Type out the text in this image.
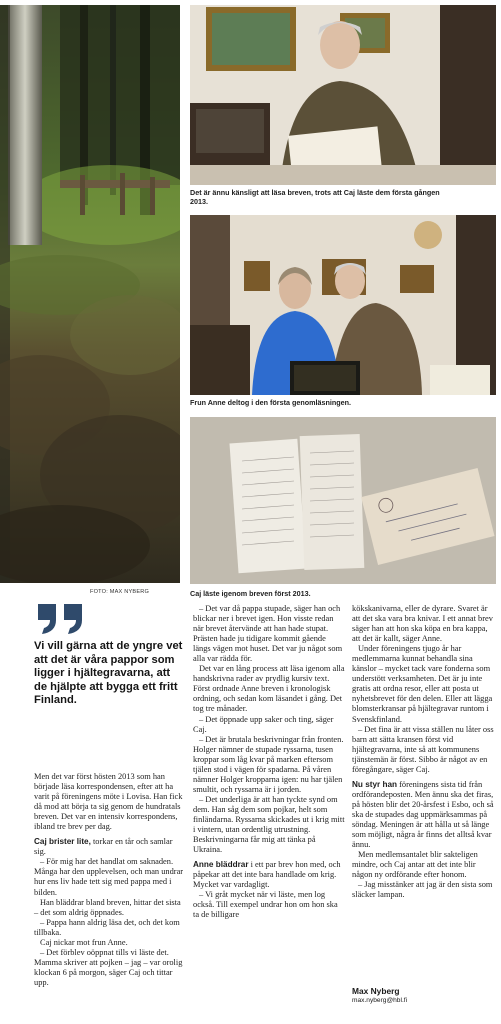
FOTO: MAX NYBERG
Det är ännu känsligt att läsa breven, trots att Caj läste dem första gången
2013.
Frun Anne deltog i den första genomläsningen.
Caj läste igenom breven först 2013.
Vi vill gärna att de yngre vet att det är våra pappor som ligger i hjältegravarna, att de hjälpte att bygga ett fritt Finland.

Men det var först hösten 2013 som han började läsa korrespondensen, efter att ha varit på föreningens möte i Lovisa. Han fick då mod att börja ta sig genom de hundratals breven. Det var en intensiv korrespondens, ibland tre brev per dag.

Caj brister lite, torkar en tår och samlar sig.

– För mig har det handlat om saknaden. Många har den upplevelsen, och man undrar hur ens liv hade tett sig med pappa med i bilden.

Han bläddrar bland breven, hittar det sista – det som aldrig öppnades.

– Pappa hann aldrig läsa det, och det kom tillbaka.

Caj nickar mot frun Anne.

– Det förblev oöppnat tills vi läste det. Mamma skriver att pojken – jag – var orolig klockan 6 på morgon, säger Caj och tittar upp.

– Det var då pappa stupade, säger han och blickar ner i brevet igen. Hon visste redan när brevet återvände att han hade stupat. Prästen hade ju tidigare kommit gående längs vägen mot huset. Det var ju något som alla var rädda för.

Det var en lång process att läsa igenom alla handskrivna rader av prydlig kursiv text. Först ordnade Anne breven i kronologisk ordning, och sedan kom läsandet i gång. Det tog tre månader.

– Det öppnade upp saker och ting, säger Caj.

– Det är brutala beskrivningar från fronten. Holger nämner de stupade ryssarna, tusen kroppar som låg kvar på marken eftersom tjälen stod i vägen för spadarna. På våren nämner Holger kropparna igen: nu har tjälen smultit, och ryssarna är i jorden.

– Det underliga är att han tyckte synd om dem. Han såg dem som pojkar, helt som finländarna. Ryssarna skickades ut i krig mitt i vintern, utan ordentlig utrustning. Beskrivningarna får mig att tänka på Ukraina.

Anne bläddrar i ett par brev hon med, och påpekar att det inte bara handlade om krig. Mycket var vardagligt.

– Vi gråt mycket när vi läste, men log också. Till exempel undrar hon om hon ska ta de billigare

kökskanivarna, eller de dyrare. Svaret är att det ska vara bra knivar. I ett annat brev säger han att hon ska köpa en bra kappa, att det är kallt, säger Anne.

Under föreningens tjugo år har medlemmarna kunnat behandla sina känslor – mycket tack vare fonderna som understött verksamheten. Det är ju inte gratis att ordna resor, eller att posta ut nyhetsbrevet för den delen. Eller att lägga blomsterkransar på hjältegravar runtom i Svenskfinland.

– Det fina är att vissa ställen nu låter oss barn att sätta kransen först vid hjältegravarna, inte så att kommunens tjänstemän är först. Sibbo är något av en föregångare, säger Caj.

Nu styr han föreningens sista tid från ordförandeposten. Men ännu ska det firas, på hösten blir det 20-årsfest i Esbo, och så ska de stupades dag uppmärksammas på söndag. Meningen är att hålla ut så länge som möjligt, några år finns det alltså kvar ännu.

Men medlemsantalet blir sakteligen mindre, och Caj antar att det inte blir någon ny ordförande efter honom.

– Jag misstänker att jag är den sista som släcker lampan.

Max Nyberg
max.nyberg@hbl.fi
